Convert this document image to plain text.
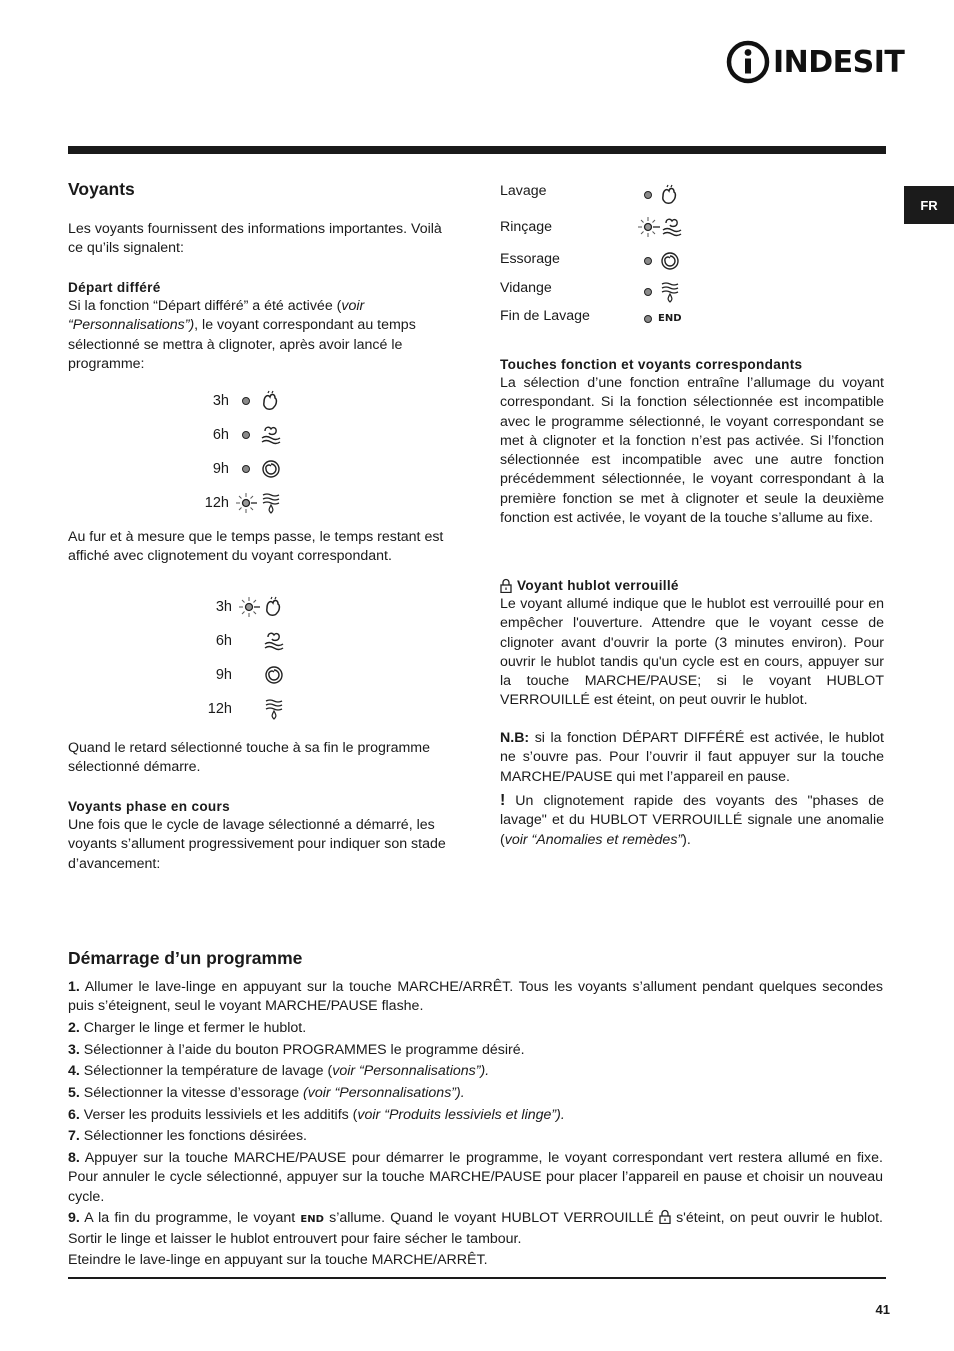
INDESIT
FR
Voyants

Les voyants fournissent des informations importantes. Voilà ce qu’ils signalent:

Départ différé

Si la fonction “Départ différé” a été activée (voir “Personnalisations”), le voyant correspondant au temps sélectionné se mettra à clignoter, après avoir lancé le programme:

3h
6h
9h
12h

Au fur et à mesure que le temps passe, le temps restant est affiché avec clignotement du voyant correspondant.

3h
6h
9h
12h

Quand le retard sélectionné touche à sa fin le programme sélectionné démarre.

Voyants phase en cours

Une fois que le cycle de lavage sélectionné a démarré, les voyants s’allument progressivement pour indiquer son stade d’avancement:

Lavage
Rinçage
Essorage
Vidange
Fin de Lavage	END
Touches fonction et voyants correspondants

La sélection d’une fonction entraîne l’allumage du voyant correspondant. Si la fonction sélectionnée est incompatible avec le programme sélectionné, le voyant correspondant se met à clignoter et la fonction n’est pas activée. Si l’fonction sélectionnée est incompatible avec une autre fonction précédemment sélectionnée, le voyant correspondant à la première fonction se met à clignoter et seule la deuxième fonction est activée, le voyant de la touche s’allume au fixe.

Voyant hublot verrouillé

Le voyant allumé indique que le hublot est verrouillé pour en empêcher l'ouverture. Attendre que le voyant cesse de clignoter avant d'ouvrir la porte (3 minutes environ). Pour ouvrir le hublot tandis qu'un cycle est en cours, appuyer sur la touche MARCHE/PAUSE; si le voyant HUBLOT VERROUILLÉ est éteint, on peut ouvrir le hublot.

N.B: si la fonction DÉPART DIFFÉRÉ est activée, le hublot ne s’ouvre pas. Pour l’ouvrir il faut appuyer sur la touche MARCHE/PAUSE qui met l’appareil en pause.

! Un clignotement rapide des voyants des "phases de lavage" et du HUBLOT VERROUILLÉ signale une anomalie (voir “Anomalies et remèdes”).

Démarrage d’un programme

1. Allumer le lave-linge en appuyant sur la touche MARCHE/ARRÊT. Tous les voyants s’allument pendant quelques secondes puis s’éteignent, seul le voyant MARCHE/PAUSE flashe.

2. Charger le linge et fermer le hublot.

3. Sélectionner à l’aide du bouton PROGRAMMES le programme désiré.

4. Sélectionner la température de lavage (voir “Personnalisations”).

5. Sélectionner la vitesse d’essorage (voir “Personnalisations”).

6. Verser les produits lessiviels et les additifs (voir “Produits lessiviels et linge”).

7. Sélectionner les fonctions désirées.

8. Appuyer sur la touche MARCHE/PAUSE pour démarrer le programme, le voyant correspondant vert restera allumé en fixe. Pour annuler le cycle sélectionné, appuyer sur la touche MARCHE/PAUSE pour placer l’appareil en pause et choisir un nouveau cycle.

9. A la fin du programme, le voyant END s’allume. Quand le voyant HUBLOT VERROUILLÉ  s'éteint, on peut ouvrir le hublot. Sortir le linge et laisser le hublot entrouvert pour faire sécher le tambour.

Eteindre le lave-linge en appuyant sur la touche MARCHE/ARRÊT.

41
